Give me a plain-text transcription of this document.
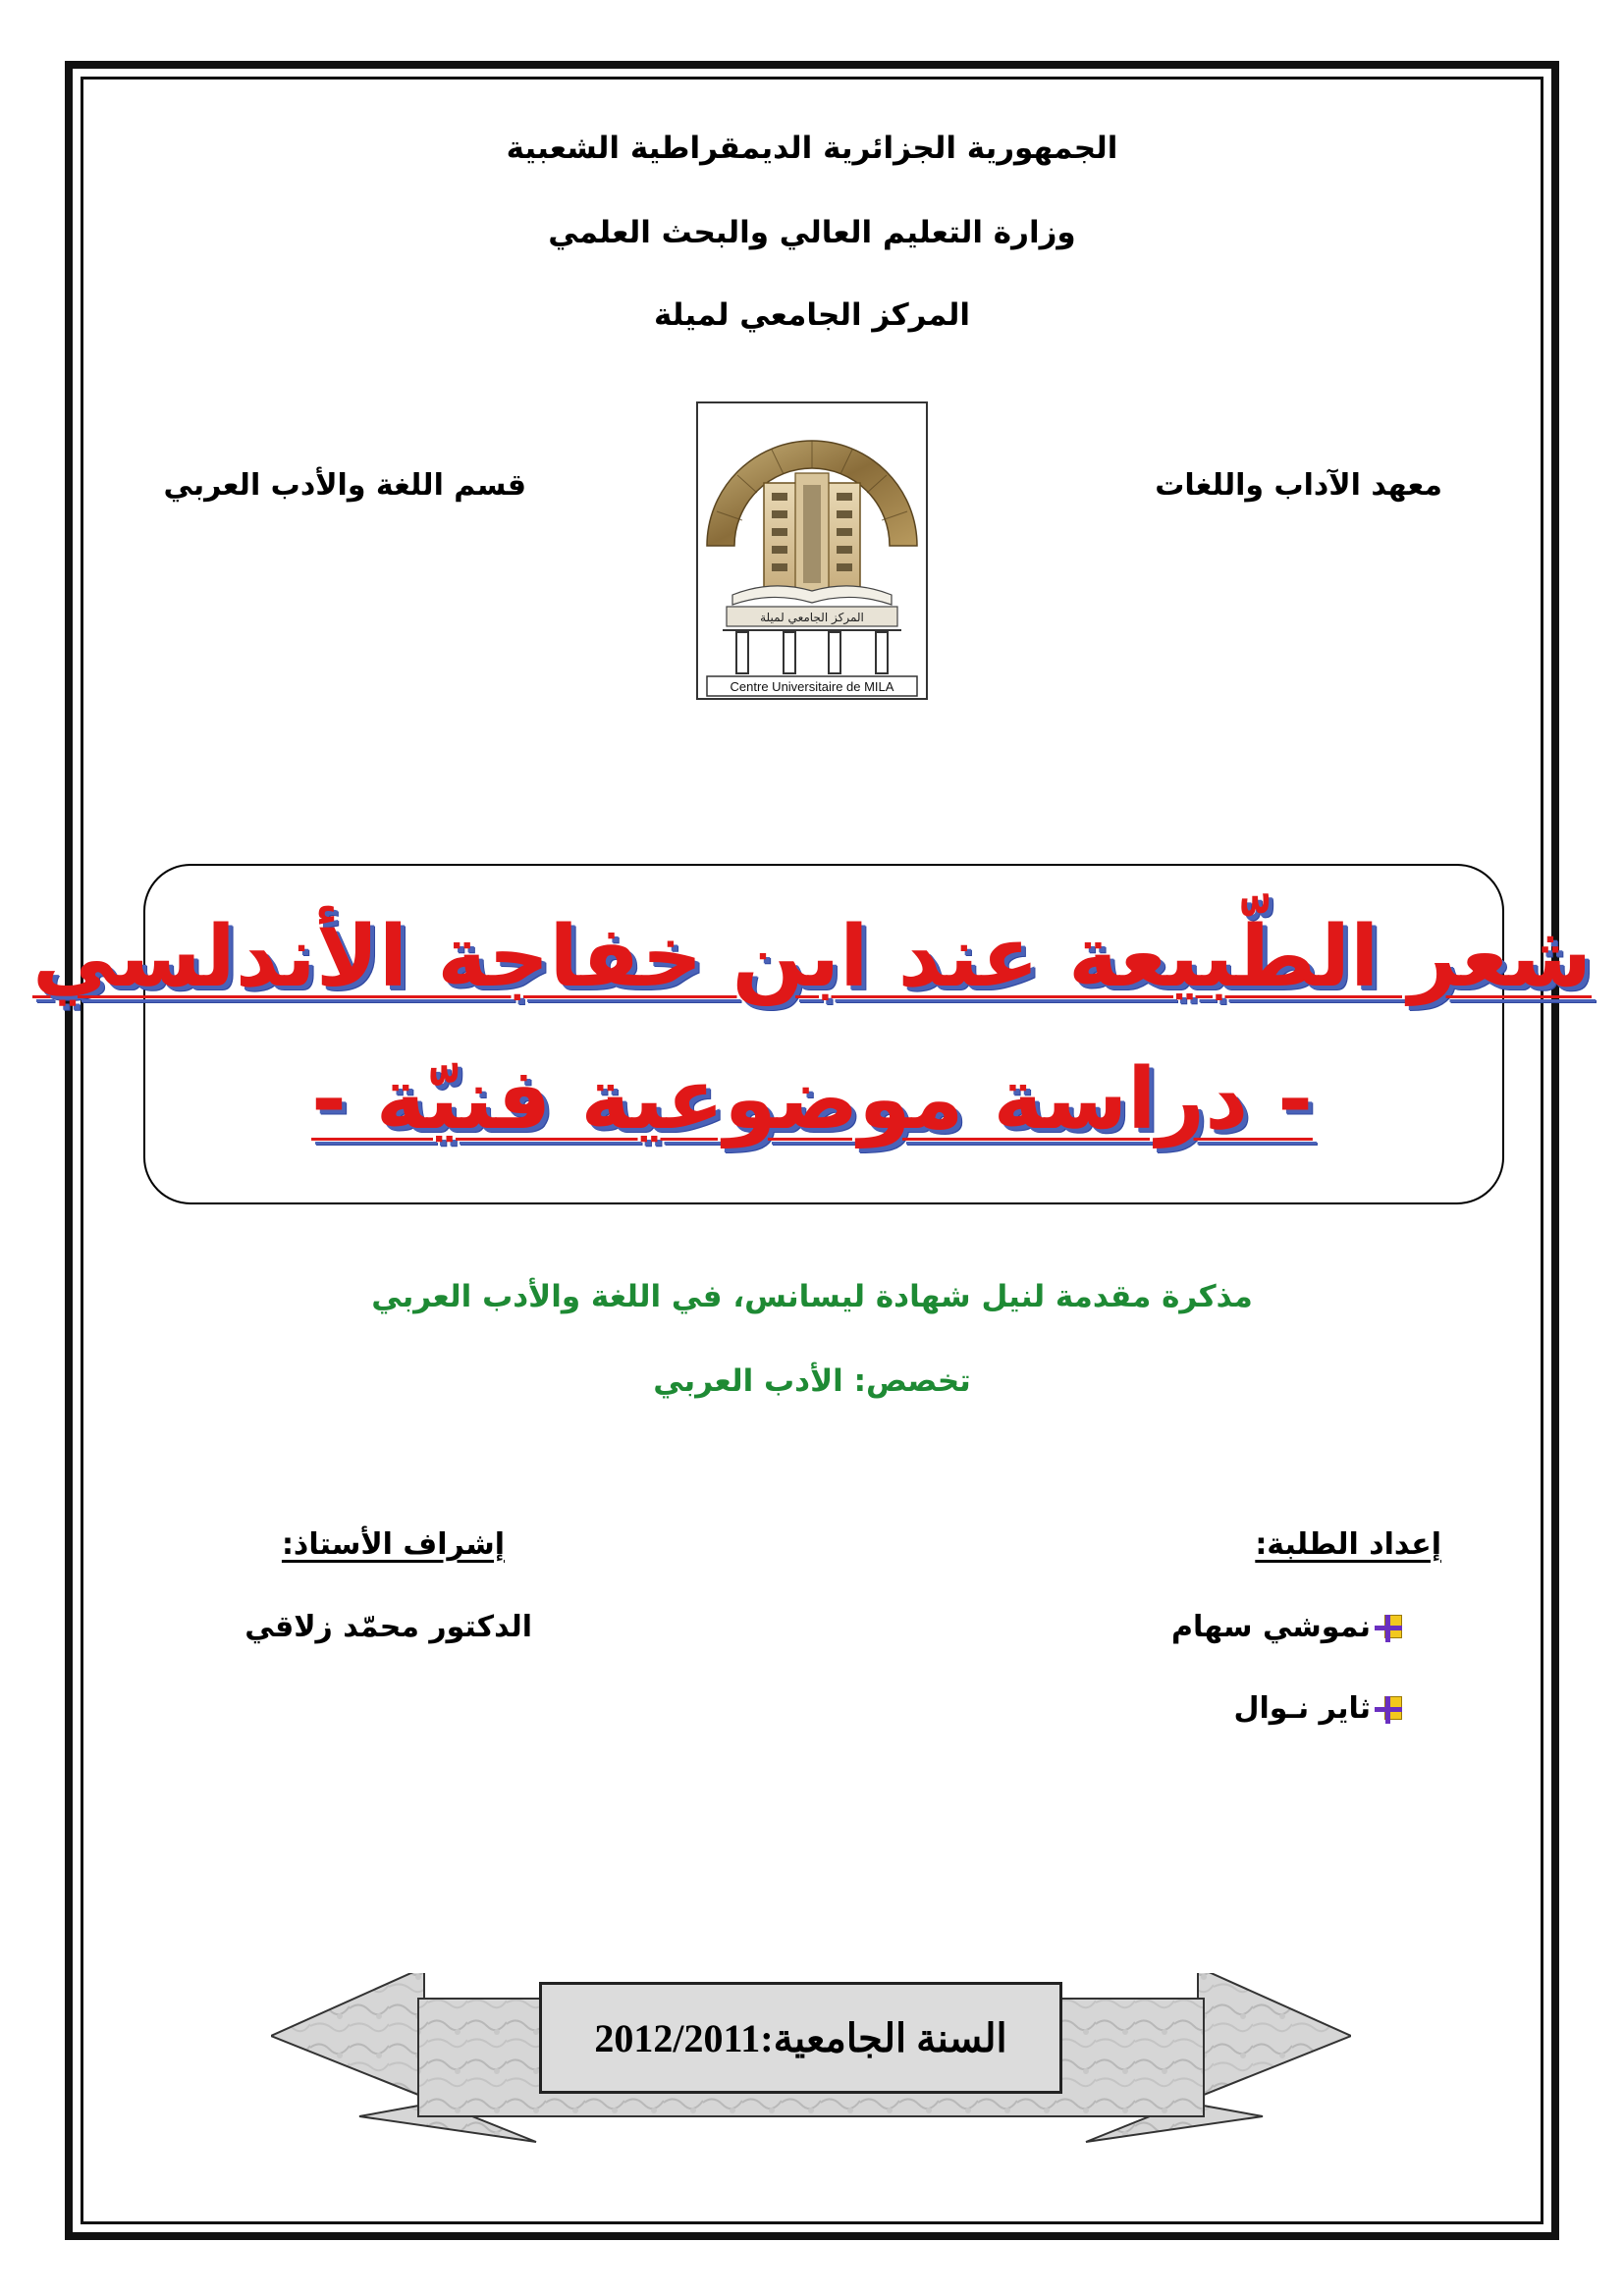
الجمهورية الجزائرية الديمقراطية الشعبية
وزارة التعليم العالي والبحث العلمي
المركز الجامعي لميلة
معهد الآداب واللغات
قسم اللغة والأدب العربي
المركز الجامعي لميلة
Centre Universitaire de MILA
شعر الطّبيعة عند ابن خفاجة الأندلسي
- دراسة موضوعية فنيّة -
مذكرة مقدمة لنيل شهادة ليسانس، في اللغة والأدب العربي
تخصص: الأدب العربي
إعداد الطلبة:
نموشي سهام
ثاير نـوال
إشراف الأستاذ:
الدكتور محمّد زلاقي
السنة الجامعية:
2012/2011
